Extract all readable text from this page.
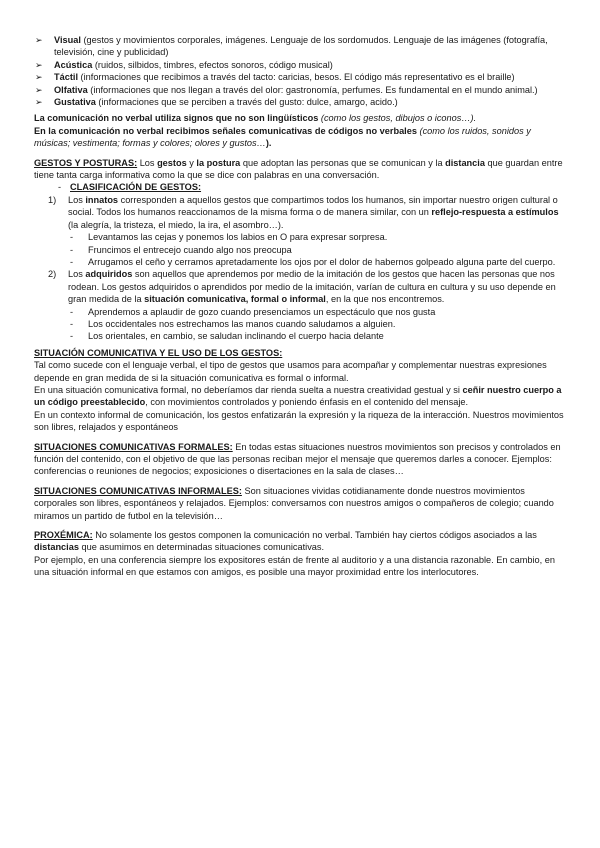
➢ Visual (gestos y movimientos corporales, imágenes. Lenguaje de los sordomudos. Lenguaje de las imágenes (fotografía, televisión, cine y publicidad)
➢ Acústica (ruidos, silbidos, timbres, efectos sonoros, código musical)
➢ Táctil (informaciones que recibimos a través del tacto: caricias, besos. El código más representativo es el braille)
➢ Olfativa (informaciones que nos llegan a través del olor: gastronomía, perfumes. Es fundamental en el mundo animal.)
➢ Gustativa (informaciones que se perciben a través del gusto: dulce, amargo, acido.)

La comunicación no verbal utiliza signos que no son lingüísticos (como los gestos, dibujos o iconos…).

En la comunicación no verbal recibimos señales comunicativas de códigos no verbales (como los ruidos, sonidos y músicas; vestimenta; formas y colores; olores y gustos…).

GESTOS Y POSTURAS: Los gestos y la postura que adoptan las personas que se comunican y la distancia que guardan entre tiene tanta carga informativa como la que se dice con palabras en una conversación.

- CLASIFICACIÓN DE GESTOS:

1) Los innatos corresponden a aquellos gestos que compartimos todos los humanos, sin importar nuestro origen cultural o social. Todos los humanos reaccionamos de la misma forma o de manera similar, con un reflejo-respuesta a estímulos (la alegría, la tristeza, el miedo, la ira, el asombro…).
- Levantamos las cejas y ponemos los labios en O para expresar sorpresa.
- Fruncimos el entrecejo cuando algo nos preocupa
- Arrugamos el ceño y cerramos apretadamente los ojos por el dolor de habernos golpeado alguna parte del cuerpo.
2) Los adquiridos son aquellos que aprendemos por medio de la imitación de los gestos que hacen las personas que nos rodean. Los gestos adquiridos o aprendidos por medio de la imitación, varían de cultura en cultura y su uso depende en gran medida de la situación comunicativa, formal o informal, en la que nos encontremos.
- Aprendemos a aplaudir de gozo cuando presenciamos un espectáculo que nos gusta
- Los occidentales nos estrechamos las manos cuando saludamos a alguien.
- Los orientales, en cambio, se saludan inclinando el cuerpo hacia delante

SITUACIÓN COMUNICATIVA Y EL USO DE LOS GESTOS:

Tal como sucede con el lenguaje verbal, el tipo de gestos que usamos para acompañar y complementar nuestras expresiones depende en gran medida de si la situación comunicativa es formal o informal.

En una situación comunicativa formal, no deberíamos dar rienda suelta a nuestra creatividad gestual y si ceñir nuestro cuerpo a un código preestablecido, con movimientos controlados y poniendo énfasis en el contenido del mensaje.

En un contexto informal de comunicación, los gestos enfatizarán la expresión y la riqueza de la interacción. Nuestros movimientos son libres, relajados y espontáneos

SITUACIONES COMUNICATIVAS FORMALES: En todas estas situaciones nuestros movimientos son precisos y controlados en función del contenido, con el objetivo de que las personas reciban mejor el mensaje que queremos darles a conocer. Ejemplos: conferencias o reuniones de negocios; exposiciones o disertaciones en la sala de clases…

SITUACIONES COMUNICATIVAS INFORMALES: Son situaciones vividas cotidianamente donde nuestros movimientos corporales son libres, espontáneos y relajados. Ejemplos: conversamos con nuestros amigos o compañeros de colegio; cuando miramos un partido de futbol en la televisión…

PROXÉMICA: No solamente los gestos componen la comunicación no verbal. También hay ciertos códigos asociados a las distancias que asumimos en determinadas situaciones comunicativas.

Por ejemplo, en una conferencia siempre los expositores están de frente al auditorio y a una distancia razonable. En cambio, en una situación informal en que estamos con amigos, es posible una mayor proximidad entre los interlocutores.
